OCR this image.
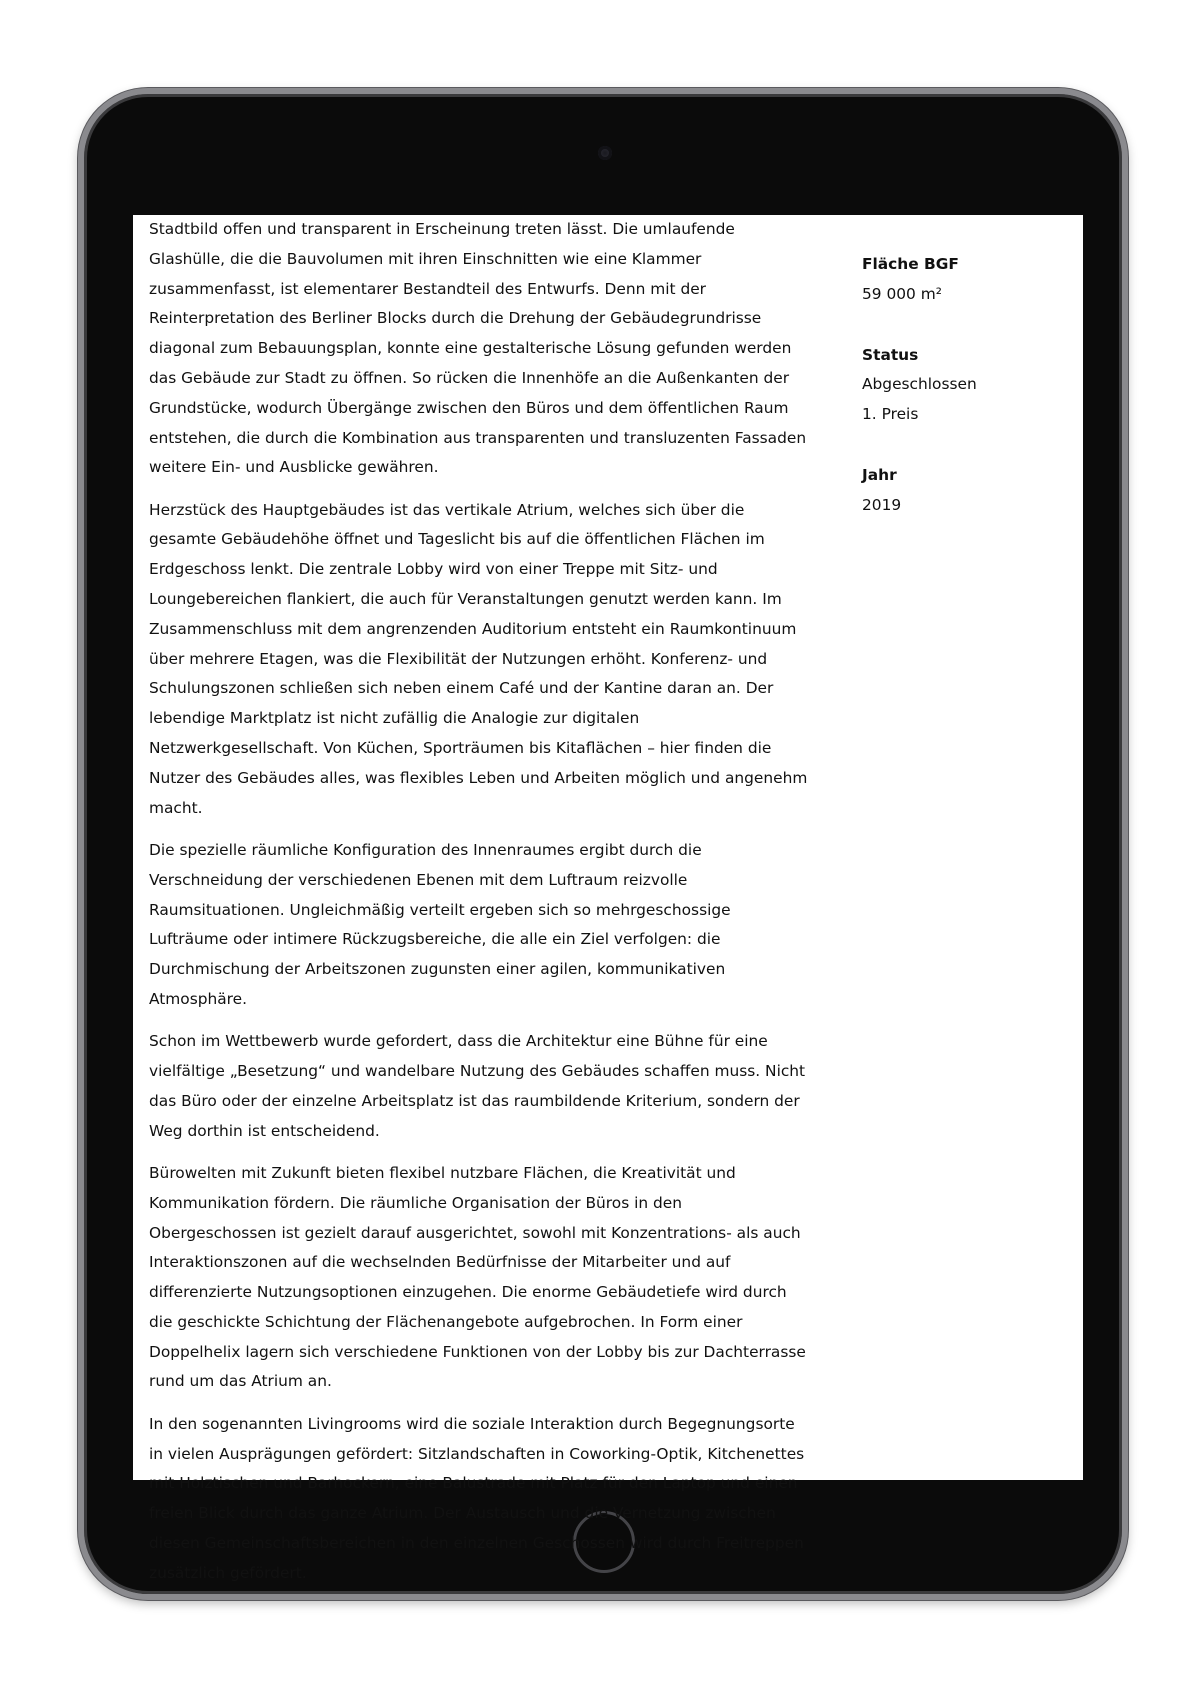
Stadtbild offen und transparent in Erscheinung treten lässt. Die umlaufende Glashülle, die die Bauvolumen mit ihren Einschnitten wie eine Klammer zusammenfasst, ist elementarer Bestandteil des Entwurfs. Denn mit der Reinterpretation des Berliner Blocks durch die Drehung der Gebäudegrundrisse diagonal zum Bebauungsplan, konnte eine gestalterische Lösung gefunden werden das Gebäude zur Stadt zu öffnen. So rücken die Innenhöfe an die Außenkanten der Grundstücke, wodurch Übergänge zwischen den Büros und dem öffentlichen Raum entstehen, die durch die Kombination aus transparenten und transluzenten Fassaden weitere Ein- und Ausblicke gewähren.

Herzstück des Hauptgebäudes ist das vertikale Atrium, welches sich über die gesamte Gebäudehöhe öffnet und Tageslicht bis auf die öffentlichen Flächen im Erdgeschoss lenkt. Die zentrale Lobby wird von einer Treppe mit Sitz- und Loungebereichen flankiert, die auch für Veranstaltungen genutzt werden kann. Im Zusammenschluss mit dem angrenzenden Auditorium entsteht ein Raumkontinuum über mehrere Etagen, was die Flexibilität der Nutzungen erhöht. Konferenz- und Schulungszonen schließen sich neben einem Café und der Kantine daran an. Der lebendige Marktplatz ist nicht zufällig die Analogie zur digitalen Netzwerkgesellschaft. Von Küchen, Sporträumen bis Kitaflächen – hier finden die Nutzer des Gebäudes alles, was flexibles Leben und Arbeiten möglich und angenehm macht.

Die spezielle räumliche Konfiguration des Innenraumes ergibt durch die Verschneidung der verschiedenen Ebenen mit dem Luftraum reizvolle Raumsituationen. Ungleichmäßig verteilt ergeben sich so mehrgeschossige Lufträume oder intimere Rückzugsbereiche, die alle ein Ziel verfolgen: die Durchmischung der Arbeitszonen zugunsten einer agilen, kommunikativen Atmosphäre.

Schon im Wettbewerb wurde gefordert, dass die Architektur eine Bühne für eine vielfältige „Besetzung“ und wandelbare Nutzung des Gebäudes schaffen muss. Nicht das Büro oder der einzelne Arbeitsplatz ist das raumbildende Kriterium, sondern der Weg dorthin ist entscheidend.

Bürowelten mit Zukunft bieten flexibel nutzbare Flächen, die Kreativität und Kommunikation fördern. Die räumliche Organisation der Büros in den Obergeschossen ist gezielt darauf ausgerichtet, sowohl mit Konzentrations- als auch Interaktionszonen auf die wechselnden Bedürfnisse der Mitarbeiter und auf differenzierte Nutzungsoptionen einzugehen. Die enorme Gebäudetiefe wird durch die geschickte Schichtung der Flächenangebote aufgebrochen. In Form einer Doppelhelix lagern sich verschiedene Funktionen von der Lobby bis zur Dachterrasse rund um das Atrium an.

In den sogenannten Livingrooms wird die soziale Interaktion durch Begegnungsorte in vielen Ausprägungen gefördert: Sitzlandschaften in Coworking-Optik, Kitchenettes mit Holztischen und Barhockern, eine Balustrade mit Platz für den Laptop und einen freien Blick durch das ganze Atrium. Der Austausch und die Vernetzung zwischen diesen Gemeinschaftsbereichen in den einzelnen Geschossen wird durch Freitreppen zusätzlich gefördert.

Fläche BGF
59 000 m²
Status
Abgeschlossen
1. Preis
Jahr
2019
